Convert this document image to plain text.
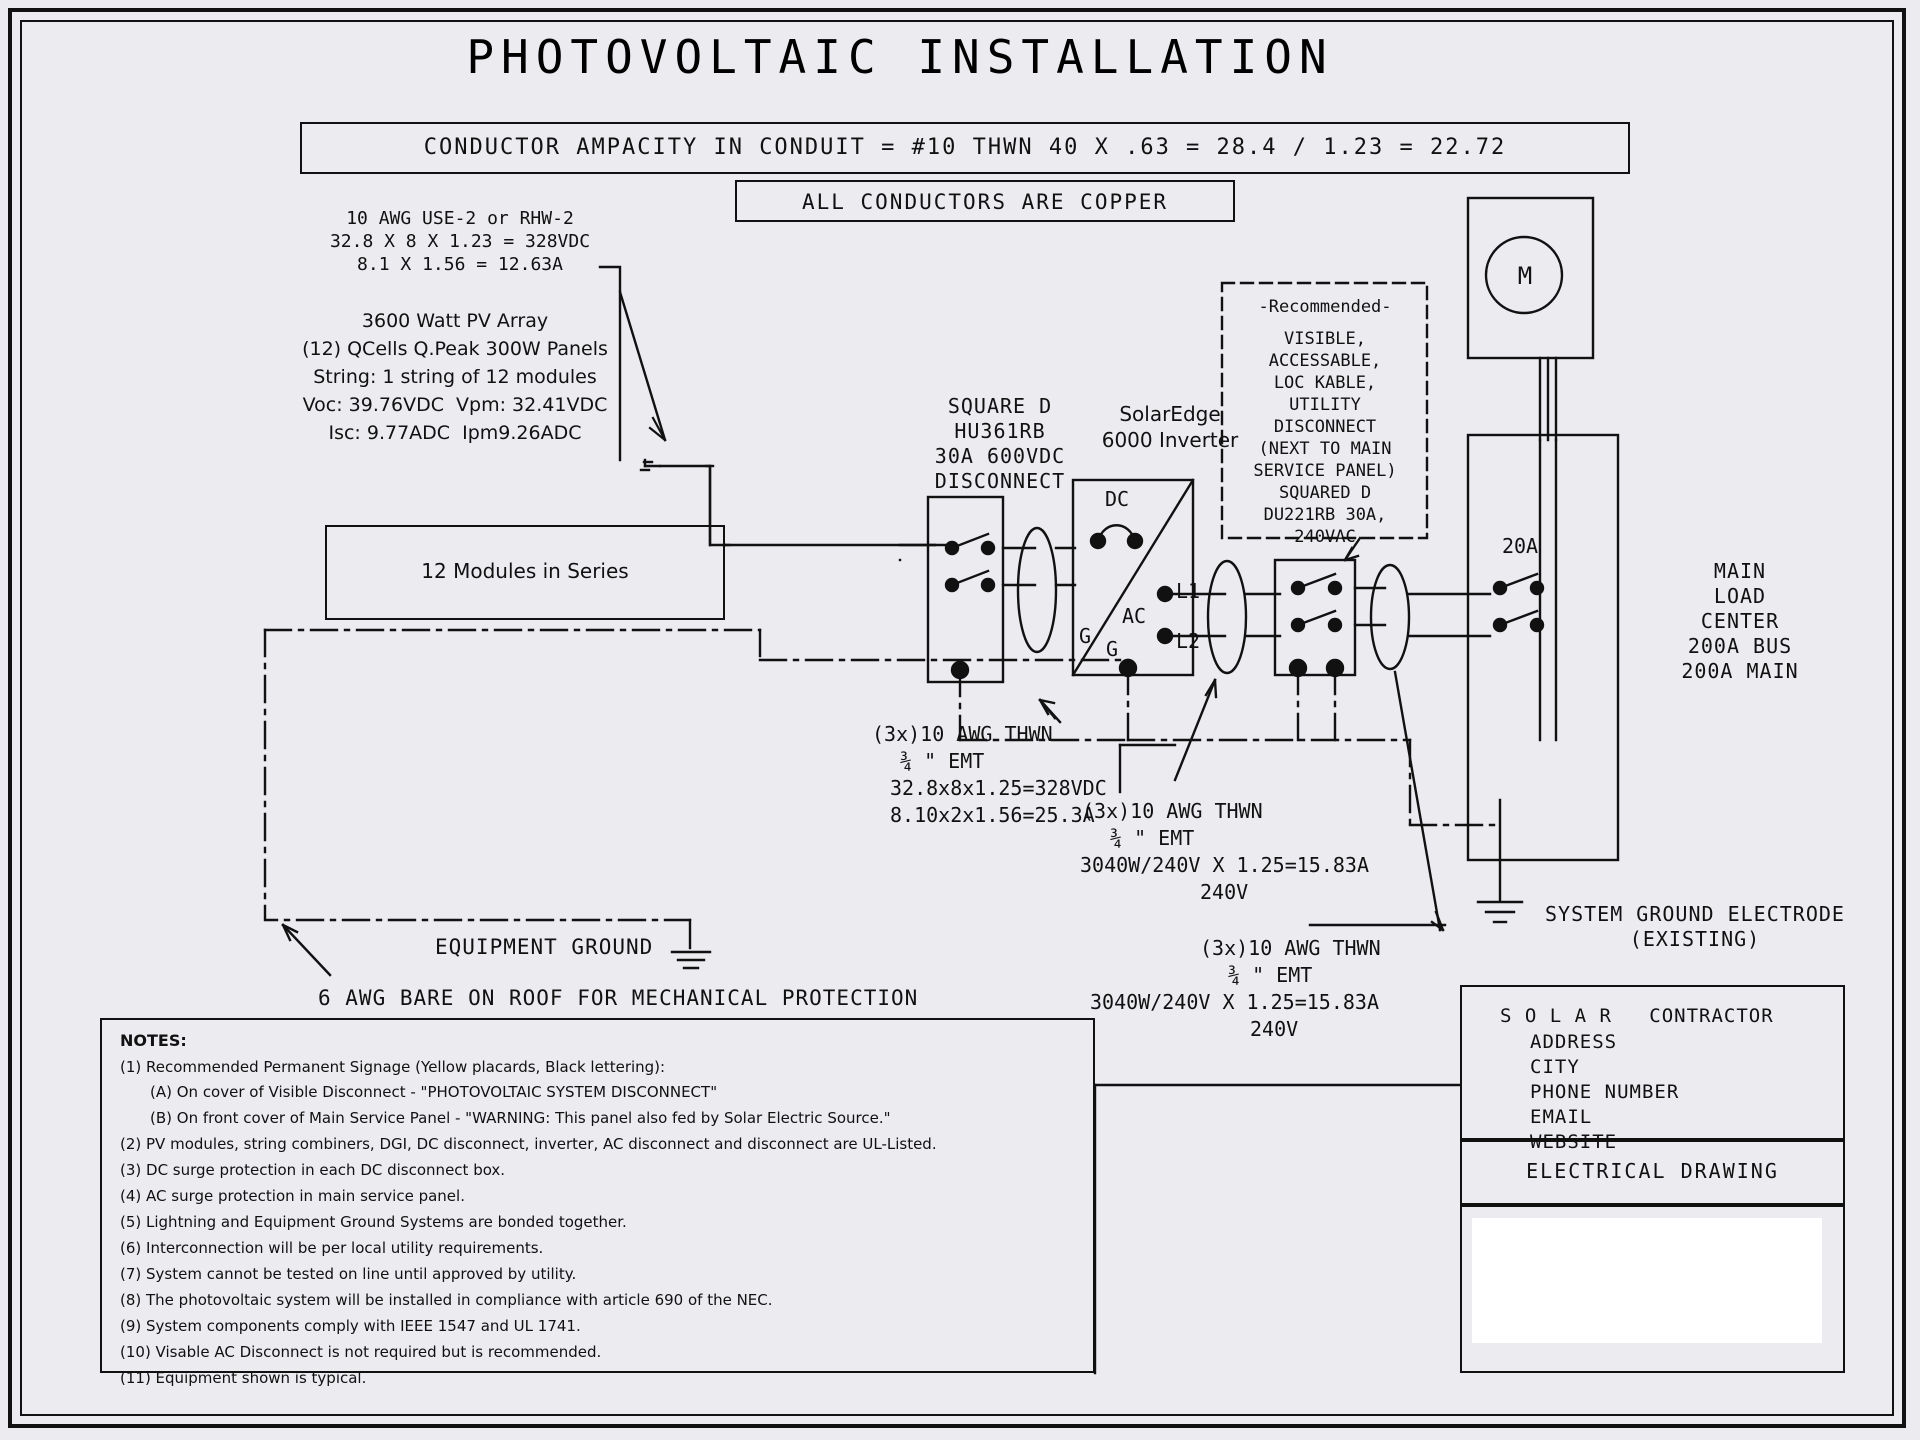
PHOTOVOLTAIC INSTALLATION
CONDUCTOR AMPACITY IN CONDUIT = #10 THWN 40 X .63 = 28.4 / 1.23 = 22.72
ALL CONDUCTORS ARE COPPER
10 AWG USE-2 or RHW-2
32.8 X 8 X 1.23 = 328VDC
8.1 X 1.56 = 12.63A
3600 Watt PV Array
(12) QCells Q.Peak 300W Panels
String: 1 string of 12 modules
Voc: 39.76VDC  Vpm: 32.41VDC
Isc: 9.77ADC  Ipm9.26ADC
12 Modules in Series
SQUARE D
HU361RB
30A 600VDC
DISCONNECT
SolarEdge
6000 Inverter
-Recommended-
VISIBLE,
ACCESSABLE,
LOC KABLE,
UTILITY
DISCONNECT
(NEXT TO MAIN
SERVICE PANEL)
SQUARED D
DU221RB 30A,
240VAC
M
20A
MAIN
LOAD
CENTER
200A BUS
200A MAIN
DC
AC
L1
L2
G
G
(3x)10 AWG THWN
¾ " EMT
32.8x8x1.25=328VDC
8.10x2x1.56=25.3A
(3x)10 AWG THWN
¾ " EMT
3040W/240V X 1.25=15.83A
240V
(3x)10 AWG THWN
¾ " EMT
3040W/240V X 1.25=15.83A
240V
EQUIPMENT GROUND
6 AWG BARE ON ROOF FOR MECHANICAL PROTECTION
SYSTEM GROUND ELECTRODE
(EXISTING)
NOTES:
(1) Recommended Permanent Signage (Yellow placards, Black lettering):
(A) On cover of Visible Disconnect - "PHOTOVOLTAIC SYSTEM DISCONNECT"
(B) On front cover of Main Service Panel - "WARNING: This panel also fed by Solar Electric Source."
(2) PV modules, string combiners, DGI, DC disconnect, inverter, AC disconnect and disconnect are UL-Listed.
(3) DC surge protection in each DC disconnect box.
(4) AC surge protection in main service panel.
(5) Lightning and Equipment Ground Systems are bonded together.
(6) Interconnection will be per local utility requirements.
(7) System cannot be tested on line until approved by utility.
(8) The photovoltaic system will be installed in compliance with article 690 of the NEC.
(9) System components comply with IEEE 1547 and UL 1741.
(10) Visable AC Disconnect is not required but is recommended.
(11) Equipment shown is typical.
S O L A R   CONTRACTOR
ADDRESS
CITY
PHONE NUMBER
EMAIL
WEBSITE
ELECTRICAL DRAWING
